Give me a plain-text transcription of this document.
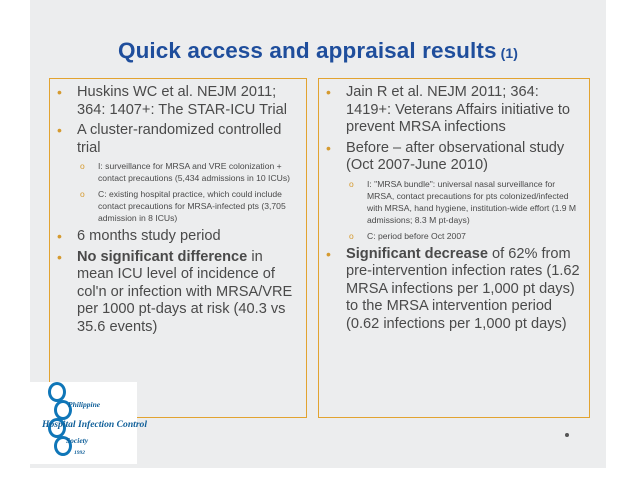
Quick access and appraisal results (1)
• Huskins WC et al. NEJM 2011; 364: 1407+: The STAR-ICU Trial
• A cluster-randomized controlled trial
o I: surveillance for MRSA and VRE colonization + contact precautions (5,434 admissions in 10 ICUs)
o C: existing hospital practice, which could include contact precautions for MRSA-infected pts (3,705 admission in 8 ICUs)
• 6 months study period
• No significant difference in mean ICU level of incidence of col'n or infection with MRSA/VRE per 1000 pt-days at risk (40.3 vs 35.6 events)
• Jain R et al. NEJM 2011; 364: 1419+: Veterans Affairs initiative to prevent MRSA infections
• Before – after observational study (Oct 2007-June 2010)
o I: "MRSA bundle": universal nasal surveillance for MRSA, contact precautions for pts colonized/infected with MRSA, hand hygiene, institution-wide effort (1.9 M admissions; 8.3 M pt-days)
o C: period before Oct 2007
• Significant decrease of 62% from pre-intervention infection rates (1.62 MRSA infections per 1,000 pt days) to the MRSA intervention period (0.62 infections per 1,000 pt days)
Philippine
Hospital Infection Control
Society
1992
